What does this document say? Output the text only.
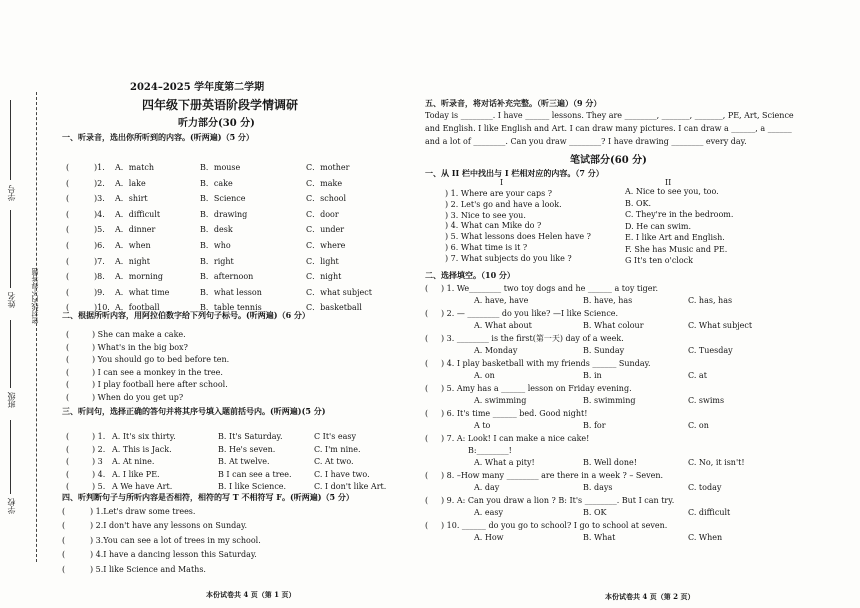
学号
姓名
班级
学校
密封线内不得答题
2024–2025 学年度第二学期
四年级下册英语阶段学情调研
听力部分(30 分)
一、听录音，选出你所听到的内容。(听两遍)（5 分）
(	)1. A．match	B．mouse	C．mother
(	)2. A．lake	B．cake	C．make
(	)3. A．shirt	B．Science	C．school
(	)4. A．difficult	B．drawing	C．door
(	)5. A．dinner	B．desk	C．under
(	)6. A．when	B．who	C．where
(	)7. A．night	B．right	C．light
(	)8. A．morning	B．afternoon	C．night
(	)9. A．what time	B．what lesson	C．what subject
(	)10. A．football	B．table tennis	C．basketball
二、根据所听内容，用阿拉伯数字给下列句子标号。(听两遍)（6 分）
(	) She can make a cake.
(	) What's in the big box?
(	) You should go to bed before ten.
(	) I can see a monkey in the tree.
(	) I play football here after school.
(	) When do you get up?
三、听问句，选择正确的答句并将其序号填入题前括号内。(听两遍)(5 分)
(	) 1. A. It's six thirty.	B. It's Saturday.	C It's easy
(	) 2. A. This is Jack.	B. He's seven.	C. I'm nine.
(	) 3 A. At nine.	B. At twelve.	C. At two.
(	) 4. A. I like PE.	B I can see a tree.	C. I have two.
(	) 5. A We have Art.	B. I like Science.	C. I don't like Art.
四、听判断句子与所听内容是否相符，相符的写 T 不相符写 F。(听两遍)（5 分）
(	) 1.Let's draw some trees.
(	) 2.I don't have any lessons on Sunday.
(	) 3.You can see a lot of trees in my school.
(	) 4.I have a dancing lesson this Saturday.
(	) 5.I like Science and Maths.
本份试卷共 4 页（第 1 页）
五、听录音，将对话补充完整。（听三遍）（9 分）
Today is ________. I have ______ lessons. They are ________, _______, _______, PE, Art, Science
and English. I like English and Art. I can draw many pictures. I can draw a ______, a ______
and a lot of ________. Can you draw ________? I have drawing ________ every day.
笔试部分(60 分)
一、从 II 栏中找出与 I 栏相对应的内容。（7 分）
I	II
) 1. Where are your caps ?
) 2. Let's go and have a look.
) 3. Nice to see you.
) 4. What can Mike do ?
) 5. What lessons does Helen have ?
) 6. What time is it ?
) 7. What subjects do you like ?
A. Nice to see you, too.
B. OK.
C. They're in the bedroom.
D. He can swim.
E. I like Art and English.
F. She has Music and PE.
G It's ten o'clock
二、选择填空。（10 分）
( ) 1. We________ two toy dogs and he ______ a toy tiger.
A. have, have	B. have, has	C. has, has
( ) 2. — ________ do you like? —I like Science.
A. What about	B. What colour	C. What subject
( ) 3. ________ is the first(第一天) day of a week.
A. Monday	B. Sunday	C. Tuesday
( ) 4. I play basketball with my friends ______ Sunday.
A. on	B. in	C. at
( ) 5. Amy has a ______ lesson on Friday evening.
A. swimming	B. swimming	C. swims
( ) 6. It's time ______ bed. Good night!
A to	B. for	C. on
( ) 7. A: Look! I can make a nice cake!
B:________!
A. What a pity!	B. Well done!	C. No, it isn't!
( ) 8. –How many ________ are there in a week ? – Seven.
A. day	B. days	C. today
( ) 9. A: Can you draw a lion ? B: It's ________. But I can try.
A. easy	B. OK	C. difficult
( ) 10. ______ do you go to school? I go to school at seven.
A. How	B. What	C. When
本份试卷共 4 页（第 2 页）
